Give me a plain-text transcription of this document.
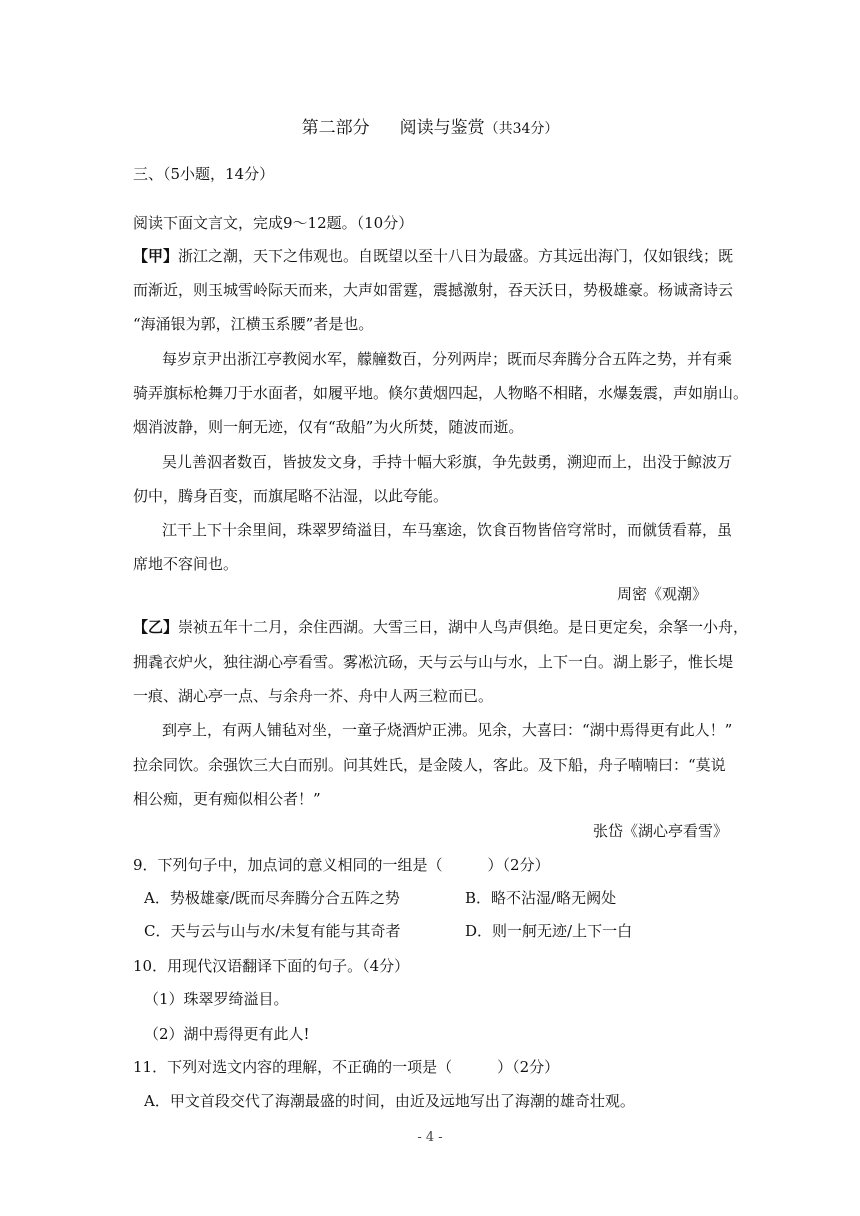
第二部分 阅读与鉴赏（共34分）
三、（5小题，14分）
阅读下面文言文，完成9～12题。（10分）
【甲】浙江之潮，天下之伟观也。自既望以至十八日为最盛。方其远出海门，仅如银线；既
而渐近，则玉城雪岭际天而来，大声如雷霆，震撼激射，吞天沃日，势极雄豪。杨诚斋诗云
“海涌银为郭，江横玉系腰”者是也。
每岁京尹出浙江亭教阅水军，艨艟数百，分列两岸；既而尽奔腾分合五阵之势，并有乘
骑弄旗标枪舞刀于水面者，如履平地。倏尔黄烟四起，人物略不相睹，水爆轰震，声如崩山。
烟消波静，则一舸无迹，仅有“敌船”为火所焚，随波而逝。
吴儿善泅者数百，皆披发文身，手持十幅大彩旗，争先鼓勇，溯迎而上，出没于鲸波万
仞中，腾身百变，而旗尾略不沾湿，以此夸能。
江干上下十余里间，珠翠罗绮溢目，车马塞途，饮食百物皆倍穹常时，而僦赁看幕，虽
席地不容间也。
周密《观潮》
【乙】崇祯五年十二月，余住西湖。大雪三日，湖中人鸟声俱绝。是日更定矣，余拏一小舟，
拥毳衣炉火，独往湖心亭看雪。雾凇沆砀，天与云与山与水，上下一白。湖上影子，惟长堤
一痕、湖心亭一点、与余舟一芥、舟中人两三粒而已。
到亭上，有两人铺毡对坐，一童子烧酒炉正沸。见余，大喜曰：“湖中焉得更有此人！”
拉余同饮。余强饮三大白而别。问其姓氏，是金陵人，客此。及下船，舟子喃喃曰：“莫说
相公痴，更有痴似相公者！”
张岱《湖心亭看雪》
9．下列句子中，加点词的意义相同的一组是（　　　）（2分）
A．势极雄豪/既而尽奔腾分合五阵之势	B．略不沾湿/略无阙处
C．天与云与山与水/未复有能与其奇者	D．则一舸无迹/上下一白
10．用现代汉语翻译下面的句子。（4分）
（1）珠翠罗绮溢目。
（2）湖中焉得更有此人!
11．下列对选文内容的理解，不正确的一项是（　　　）（2分）
A．甲文首段交代了海潮最盛的时间，由近及远地写出了海潮的雄奇壮观。
- 4 -
